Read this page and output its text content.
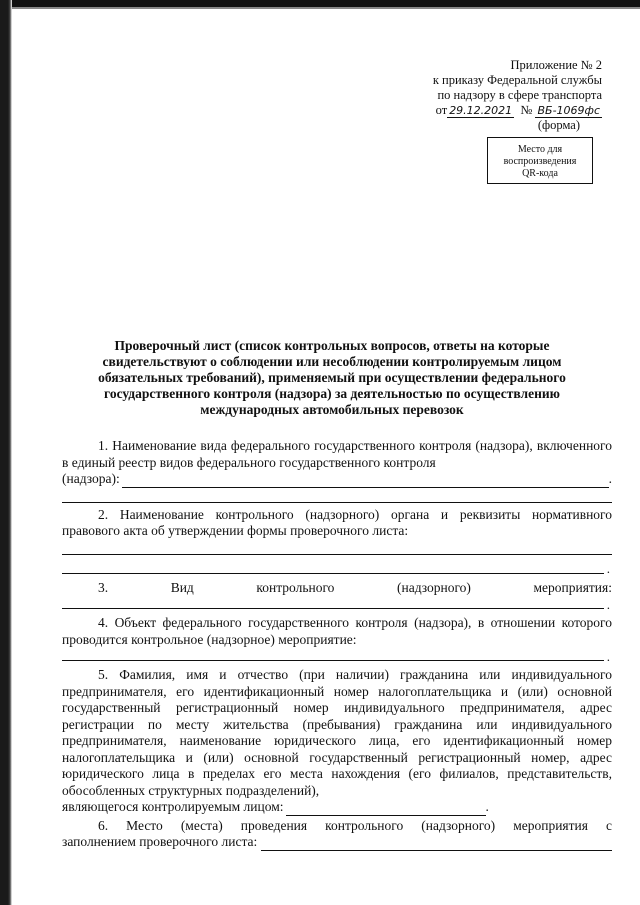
Приложение № 2
к приказу Федеральной службы
по надзору в сфере транспорта
от 29.12.2021 № ВБ-1069фс
(форма)
Место для
воспроизведения
QR-кода
Проверочный лист (список контрольных вопросов, ответы на которые
свидетельствуют о соблюдении или несоблюдении контролируемым лицом
обязательных требований), применяемый при осуществлении федерального
государственного контроля (надзора) за деятельностью по осуществлению
международных автомобильных перевозок
1. Наименование вида федерального государственного контроля (надзора), включенного в единый реестр видов федерального государственного контроля
(надзора):	.
2. Наименование контрольного (надзорного) органа и реквизиты нормативного правового акта об утверждении формы проверочного листа:
.
3. Вид контрольного (надзорного) мероприятия:
.
4. Объект федерального государственного контроля (надзора), в отношении которого проводится контрольное (надзорное) мероприятие:
.
5. Фамилия, имя и отчество (при наличии) гражданина или индивидуального предпринимателя, его идентификационный номер налогоплательщика и (или) основной государственный регистрационный номер индивидуального предпринимателя, адрес регистрации по месту жительства (пребывания) гражданина или индивидуального предпринимателя, наименование юридического лица, его идентификационный номер налогоплательщика и (или) основной государственный регистрационный номер, адрес юридического лица в пределах его места нахождения (его филиалов, представительств, обособленных структурных подразделений),
являющегося контролируемым лицом:	.
6. Место (места) проведения контрольного (надзорного) мероприятия с
заполнением проверочного листа:
